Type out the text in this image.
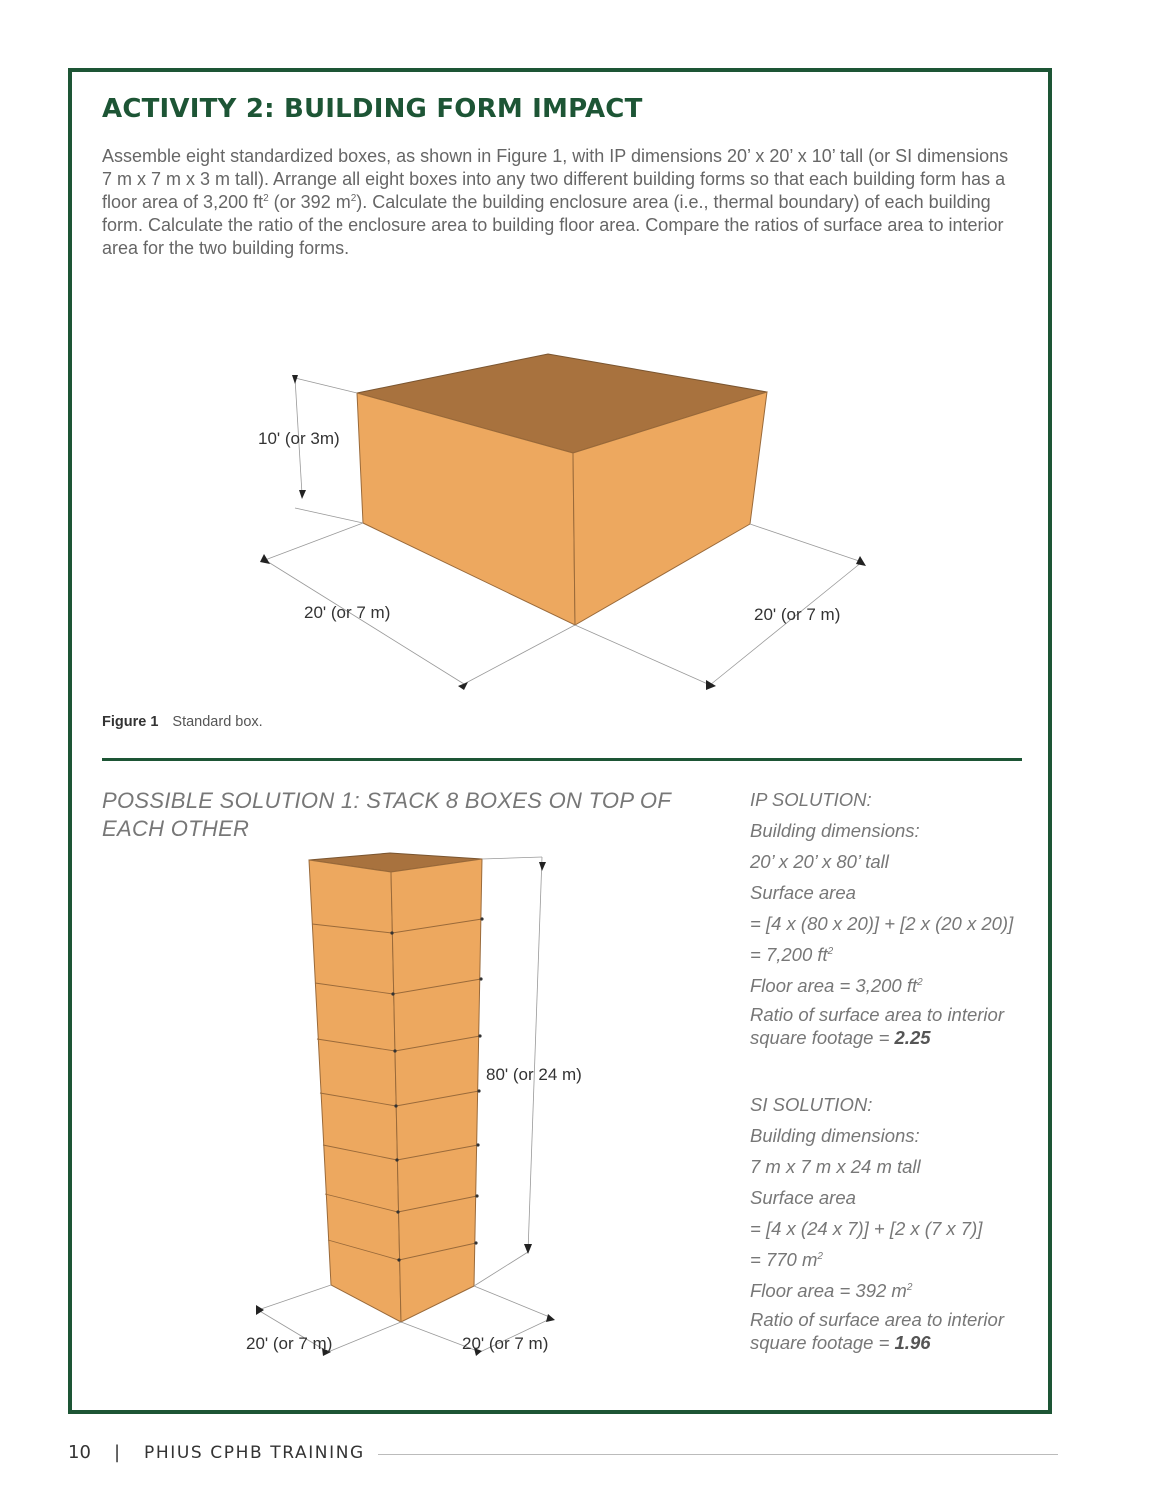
ACTIVITY 2: BUILDING FORM IMPACT

Assemble eight standardized boxes, as shown in Figure 1, with IP dimensions 20’ x 20’ x 10’ tall (or SI dimensions 7 m x 7 m x 3 m tall). Arrange all eight boxes into any two different building forms so that each building form has a floor area of 3,200 $ft^2$ (or 392 $m^2$). Calculate the building enclosure area (i.e., thermal boundary) of each building form. Calculate the ratio of the enclosure area to building floor area. Compare the ratios of surface area to interior area for the two building forms.

10' (or 3m)
20' (or 7 m)	20' (or 7 m)
Figure 1 Standard box.
POSSIBLE SOLUTION 1: STACK 8 BOXES ON TOP OF EACH OTHER
80' (or 24 m)
20' (or 7 m)	20' (or 7 m)
IP SOLUTION:
Building dimensions:
20’ x 20’ x 80’ tall
Surface area
= [4 x (80 x 20)] + [2 x (20 x 20)]
= 7,200 $ft^2$
Floor area = 3,200 $ft^2$
Ratio of surface area to interior square footage = 2.25
SI SOLUTION:
Building dimensions:
7 m x 7 m x 24 m tall
Surface area
= [4 x (24 x 7)] + [2 x (7 x 7)]
= 770 $m^2$
Floor area = 392 $m^2$
Ratio of surface area to interior square footage = 1.96
10 | PHIUS CPHB TRAINING
